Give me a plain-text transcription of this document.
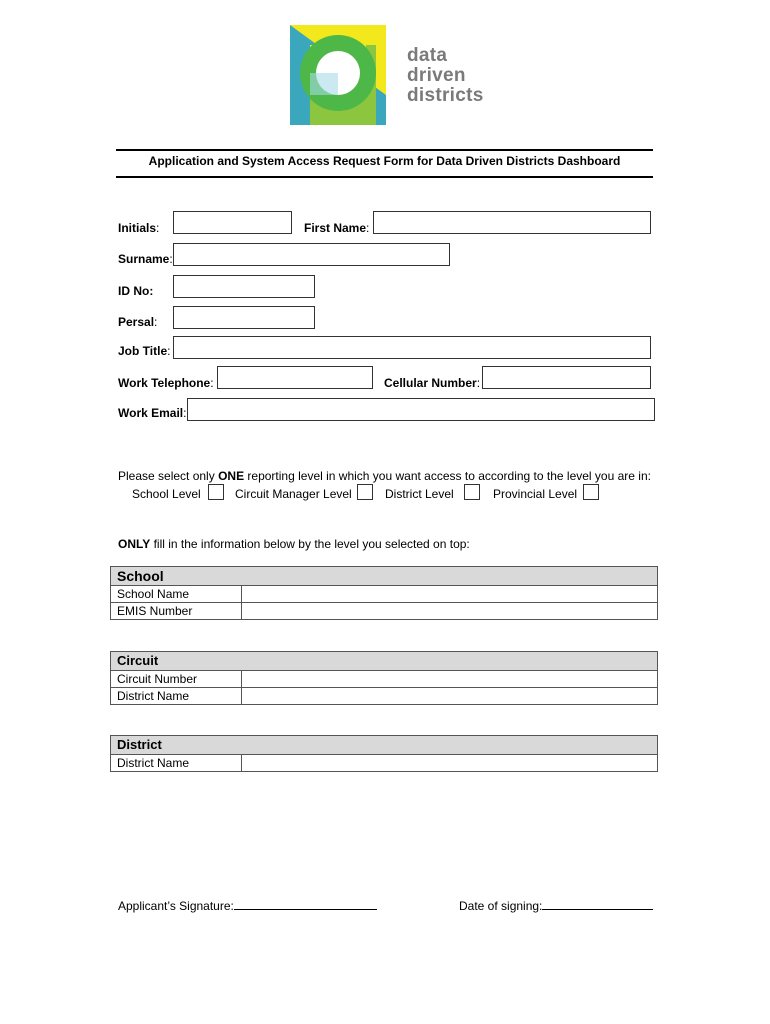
data
driven
districts
Application and System Access Request Form for Data Driven Districts Dashboard
Initials:	First Name:
Surname:
ID No:
Persal:
Job Title:
Work Telephone:	Cellular Number:
Work Email:
Please select only ONE reporting level in which you want access to according to the level you are in:
School Level	Circuit Manager Level	District Level	Provincial Level
ONLY fill in the information below by the level you selected on top:
School	
School Name	
EMIS Number	
Circuit	
Circuit Number	
District Name	
District
District Name	
Applicant’s Signature:	Date of signing:
